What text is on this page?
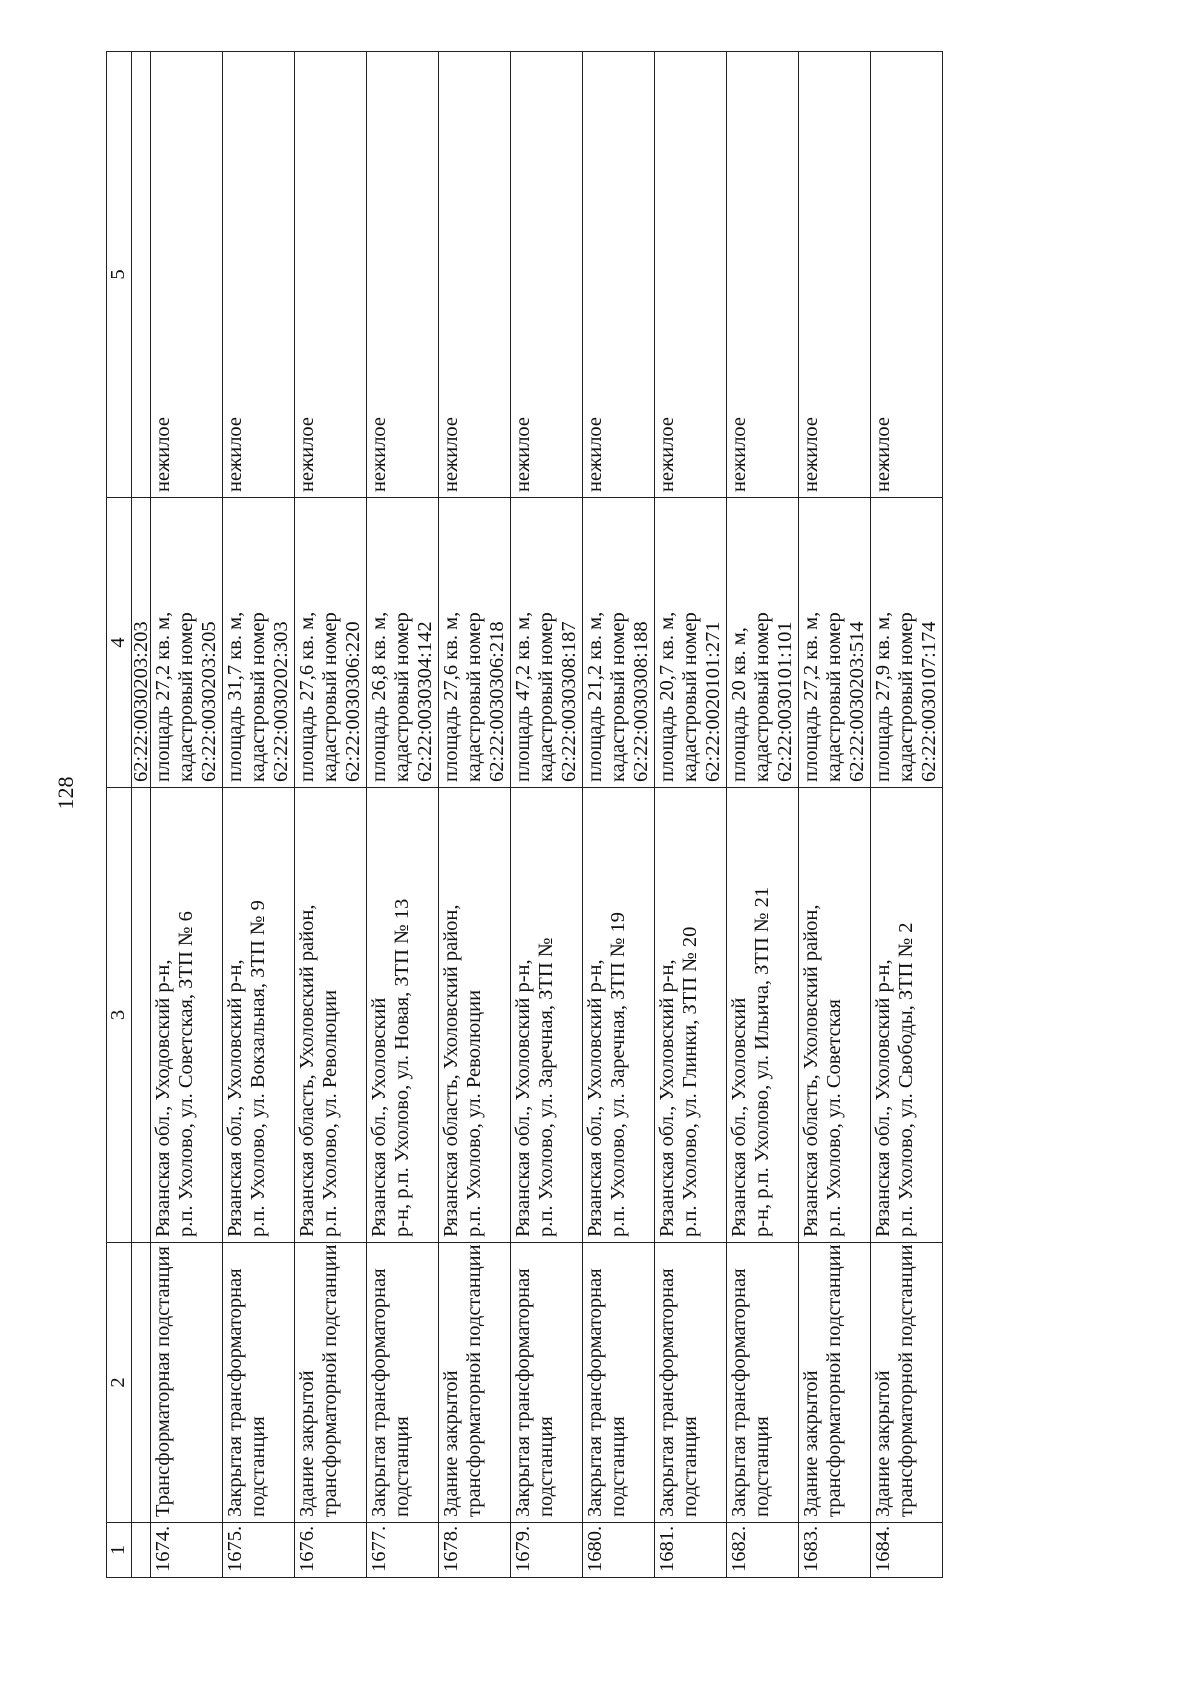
128
1	2	3	4	5
			62:22:0030203:203	
1674.	Трансформаторная подстанция	Рязанская обл., Уходовский р-н, р.п. Ухолово, ул. Советская, ЗТП № 6	площадь 27,2 кв. м, кадастровый номер 62:22:0030203:205	нежилое
1675.	Закрытая трансформаторная подстанция	Рязанская обл., Ухоловский р-н, р.п. Ухолово, ул. Вокзальная, ЗТП № 9	площадь 31,7 кв. м, кадастровый номер 62:22:0030202:303	нежилое
1676.	Здание закрытой трансформаторной подстанции	Рязанская область, Ухоловский район, р.п. Ухолово, ул. Революции	площадь 27,6 кв. м, кадастровый номер 62:22:0030306:220	нежилое
1677.	Закрытая трансформаторная подстанция	Рязанская обл., Ухоловский р-н, р.п. Ухолово, ул. Новая, ЗТП № 13	площадь 26,8 кв. м, кадастровый номер 62:22:0030304:142	нежилое
1678.	Здание закрытой трансформаторной подстанции	Рязанская область, Ухоловский район, р.п. Ухолово, ул. Революции	площадь 27,6 кв. м, кадастровый номер 62:22:0030306:218	нежилое
1679.	Закрытая трансформаторная подстанция	Рязанская обл., Ухоловский р-н, р.п. Ухолово, ул. Заречная, ЗТП №	площадь 47,2 кв. м, кадастровый номер 62:22:0030308:187	нежилое
1680.	Закрытая трансформаторная подстанция	Рязанская обл., Ухоловский р-н, р.п. Ухолово, ул. Заречная, ЗТП № 19	площадь 21,2 кв. м, кадастровый номер 62:22:0030308:188	нежилое
1681.	Закрытая трансформаторная подстанция	Рязанская обл., Ухоловский р-н, р.п. Ухолово, ул. Глинки, ЗТП № 20	площадь 20,7 кв. м, кадастровый номер 62:22:0020101:271	нежилое
1682.	Закрытая трансформаторная подстанция	Рязанская обл., Ухоловский р-н, р.п. Ухолово, ул. Ильича, ЗТП № 21	площадь 20 кв. м, кадастровый номер 62:22:0030101:101	нежилое
1683.	Здание закрытой трансформаторной подстанции	Рязанская область, Ухоловский район, р.п. Ухолово, ул. Советская	площадь 27,2 кв. м, кадастровый номер 62:22:0030203:514	нежилое
1684.	Здание закрытой трансформаторной подстанции	Рязанская обл., Ухоловский р-н, р.п. Ухолово, ул. Свободы, ЗТП № 2	площадь 27,9 кв. м, кадастровый номер 62:22:0030107:174	нежилое
